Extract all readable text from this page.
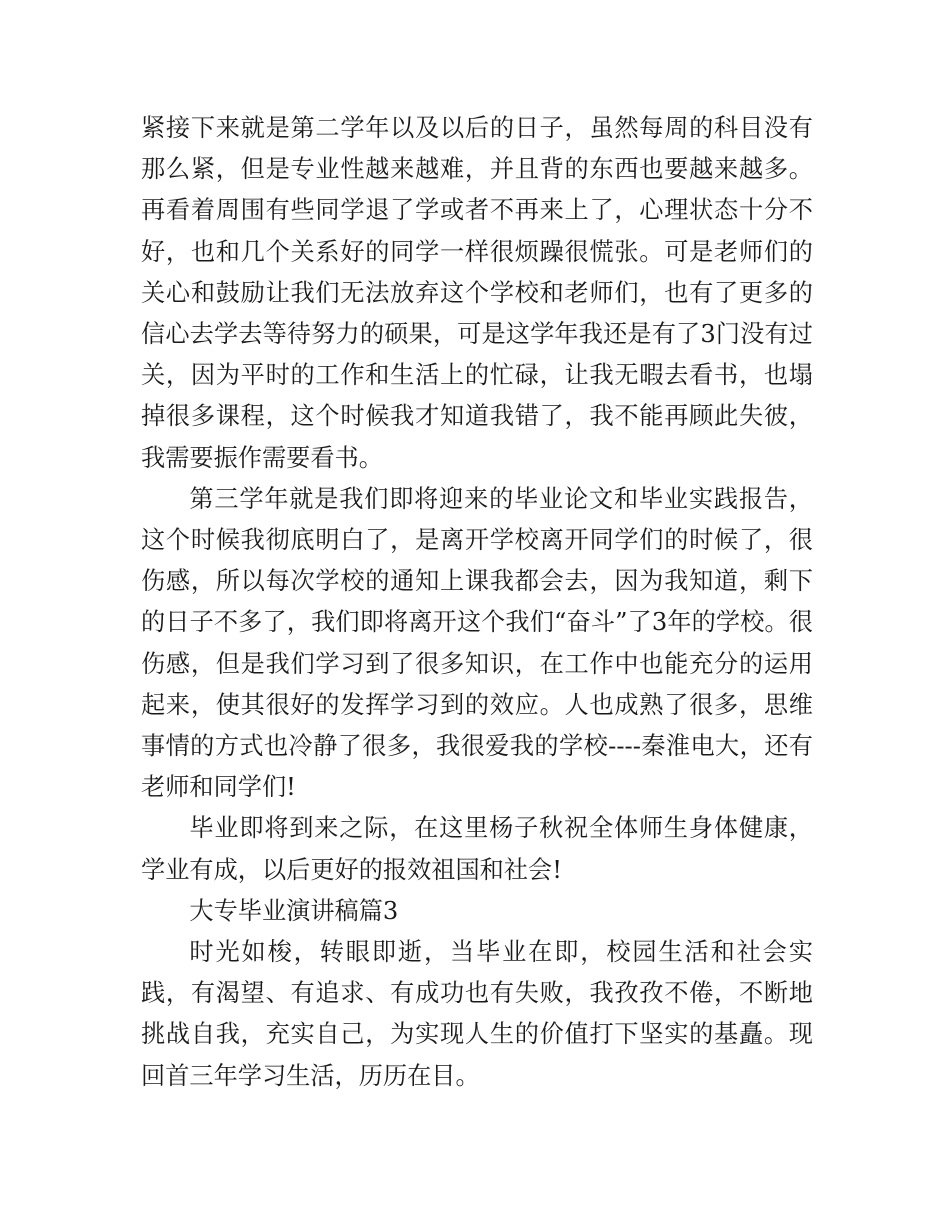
紧接下来就是第二学年以及以后的日子，虽然每周的科目没有那么紧，但是专业性越来越难，并且背的东西也要越来越多。再看着周围有些同学退了学或者不再来上了，心理状态十分不好，也和几个关系好的同学一样很烦躁很慌张。可是老师们的关心和鼓励让我们无法放弃这个学校和老师们，也有了更多的信心去学去等待努力的硕果，可是这学年我还是有了3门没有过关，因为平时的工作和生活上的忙碌，让我无暇去看书，也塌掉很多课程，这个时候我才知道我错了，我不能再顾此失彼，我需要振作需要看书。

第三学年就是我们即将迎来的毕业论文和毕业实践报告，这个时候我彻底明白了，是离开学校离开同学们的时候了，很伤感，所以每次学校的通知上课我都会去，因为我知道，剩下的日子不多了，我们即将离开这个我们“奋斗”了3年的学校。很伤感，但是我们学习到了很多知识，在工作中也能充分的运用起来，使其很好的发挥学习到的效应。人也成熟了很多，思维事情的方式也冷静了很多，我很爱我的学校----秦淮电大，还有老师和同学们!

毕业即将到来之际，在这里杨子秋祝全体师生身体健康，学业有成，以后更好的报效祖国和社会!

大专毕业演讲稿篇3

时光如梭，转眼即逝，当毕业在即，校园生活和社会实践，有渴望、有追求、有成功也有失败，我孜孜不倦，不断地挑战自我，充实自己，为实现人生的价值打下坚实的基矗。现回首三年学习生活，历历在目。
